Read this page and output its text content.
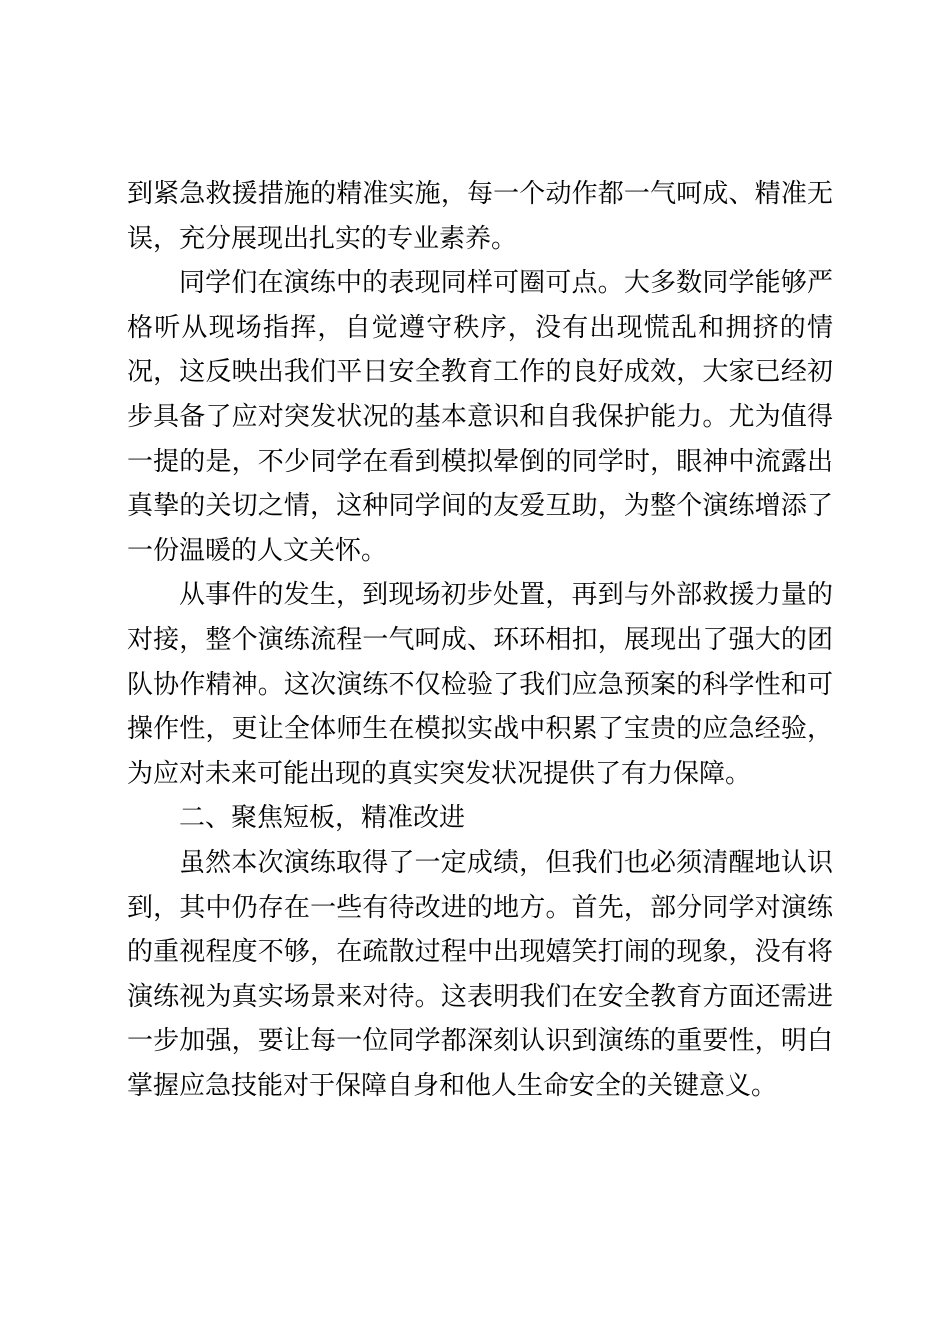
到紧急救援措施的精准实施，每一个动作都一气呵成、精准无误，充分展现出扎实的专业素养。

同学们在演练中的表现同样可圈可点。大多数同学能够严格听从现场指挥，自觉遵守秩序，没有出现慌乱和拥挤的情况，这反映出我们平日安全教育工作的良好成效，大家已经初步具备了应对突发状况的基本意识和自我保护能力。尤为值得一提的是，不少同学在看到模拟晕倒的同学时，眼神中流露出真挚的关切之情，这种同学间的友爱互助，为整个演练增添了一份温暖的人文关怀。

从事件的发生，到现场初步处置，再到与外部救援力量的对接，整个演练流程一气呵成、环环相扣，展现出了强大的团队协作精神。这次演练不仅检验了我们应急预案的科学性和可操作性，更让全体师生在模拟实战中积累了宝贵的应急经验，为应对未来可能出现的真实突发状况提供了有力保障。

二、聚焦短板，精准改进

虽然本次演练取得了一定成绩，但我们也必须清醒地认识到，其中仍存在一些有待改进的地方。首先，部分同学对演练的重视程度不够，在疏散过程中出现嬉笑打闹的现象，没有将演练视为真实场景来对待。这表明我们在安全教育方面还需进一步加强，要让每一位同学都深刻认识到演练的重要性，明白掌握应急技能对于保障自身和他人生命安全的关键意义。
